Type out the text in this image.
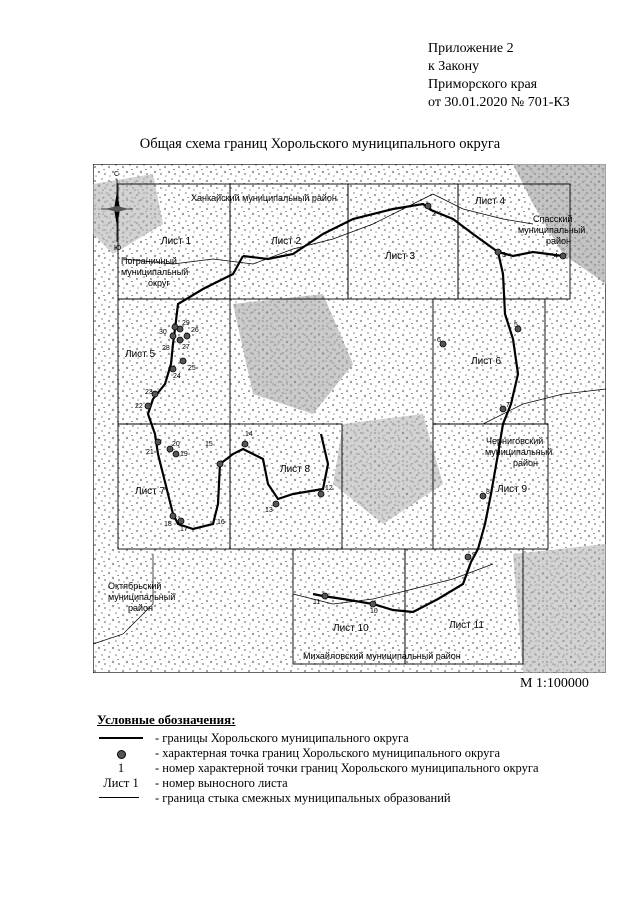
Приложение 2
к Закону
Приморского края
от 30.01.2020 № 701-КЗ
Общая схема границ Хорольского муниципального округа
С
Ю
Ханкайский муниципальный район
Пограничный
муниципальный
округ
Спасский
муниципальный
район
Черниговский
муниципальный
район
Октябрьский
муниципальный
район
Михайловский муниципальный район
Лист 1	Лист 2
Лист 3
Лист 4
Лист 5
Лист 6
Лист 7
Лист 8
Лист 9
Лист 10	Лист 11
2
3	4
5
6
7
8
9
10
11
12
13
14
15
16
17
18
19
20
21
22
23
24
25
26
27
28
29
30
М 1:100000
Условные обозначения:
- границы Хорольского муниципального округа
- характерная точка границ Хорольского муниципального округа
1	- номер характерной точки границ Хорольского муниципального округа
Лист 1	- номер выносного листа
- граница стыка смежных муниципальных образований
